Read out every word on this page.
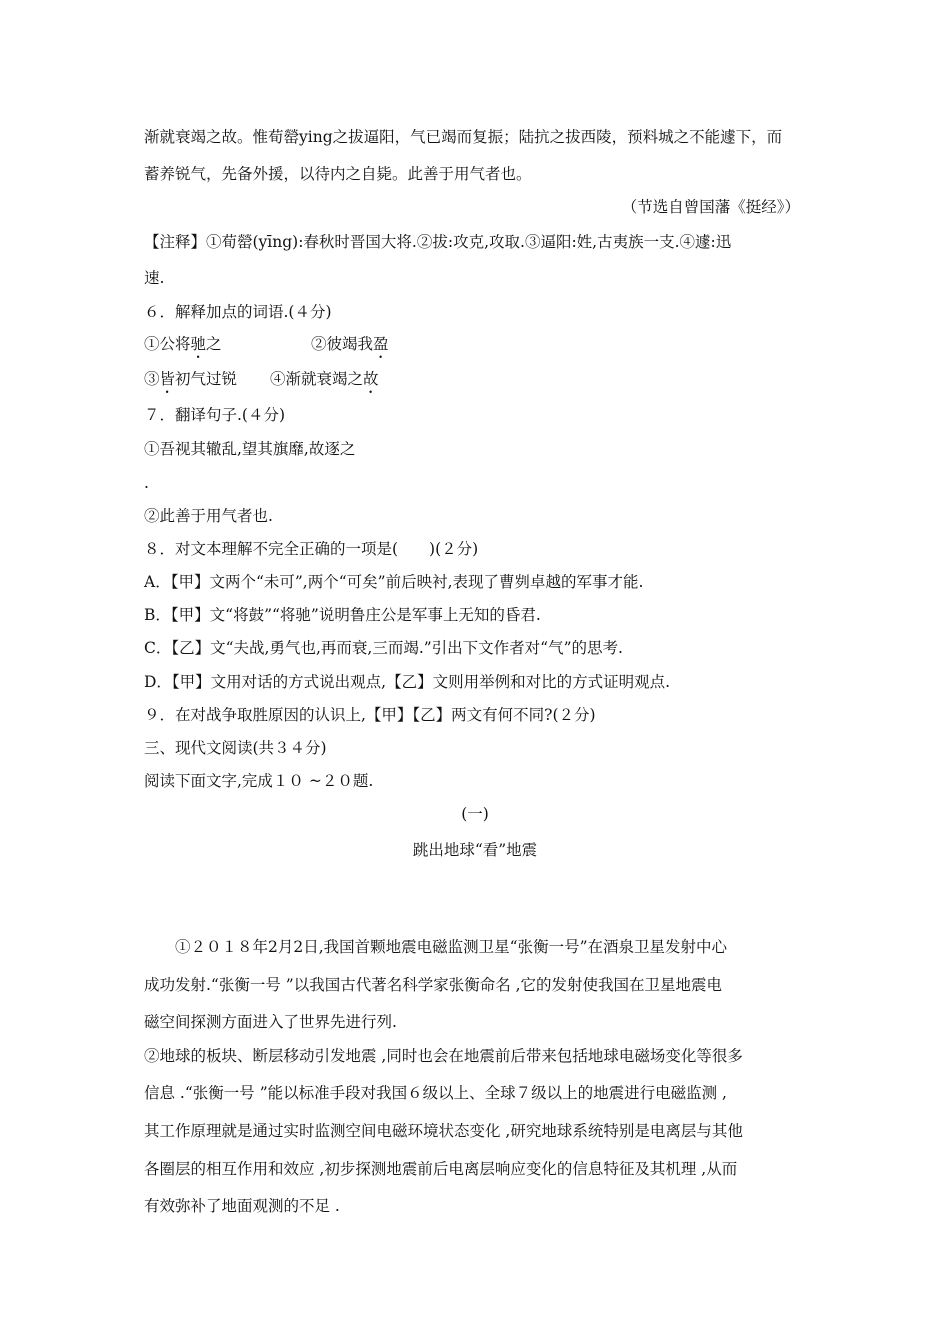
渐就衰竭之故。惟荀罃ying之拔逼阳，气已竭而复振；陆抗之拔西陵，预料城之不能遽下，而
蓄养锐气，先备外援，以待内之自毙。此善于用气者也。
（节选自曾国藩《挺经》）
【注释】①荀罃(yīng):春秋时晋国大将.②拔:攻克,攻取.③逼阳:姓,古夷族一支.④遽:迅
速.
６．解释加点的词语.(４分)
①公将驰之	②彼竭我盈
③皆初气过锐 ④渐就衰竭之故
７．翻译句子.(４分)
①吾视其辙乱,望其旗靡,故逐之
.
②此善于用气者也.
８．对文本理解不完全正确的一项是(　　)(２分)
A．【甲】文两个“未可”,两个“可矣”前后映衬,表现了曹刿卓越的军事才能.
B．【甲】文“将鼓”“将驰”说明鲁庄公是军事上无知的昏君.
C．【乙】文“夫战,勇气也,再而衰,三而竭.”引出下文作者对“气”的思考.
D．【甲】文用对话的方式说出观点,【乙】文则用举例和对比的方式证明观点.
９．在对战争取胜原因的认识上,【甲】【乙】两文有何不同?(２分)
三、现代文阅读(共３４分)
阅读下面文字,完成１０ ~２０题.
(一)
跳出地球“看”地震
　　①２０１８年2月2日,我国首颗地震电磁监测卫星“张衡一号”在酒泉卫星发射中心
成功发射.“张衡一号 ”以我国古代著名科学家张衡命名 ,它的发射使我国在卫星地震电
磁空间探测方面进入了世界先进行列.
②地球的板块、断层移动引发地震 ,同时也会在地震前后带来包括地球电磁场变化等很多
信息 .“张衡一号 ”能以标准手段对我国６级以上、全球７级以上的地震进行电磁监测 ,
其工作原理就是通过实时监测空间电磁环境状态变化 ,研究地球系统特别是电离层与其他
各圈层的相互作用和效应 ,初步探测地震前后电离层响应变化的信息特征及其机理 ,从而
有效弥补了地面观测的不足 .
